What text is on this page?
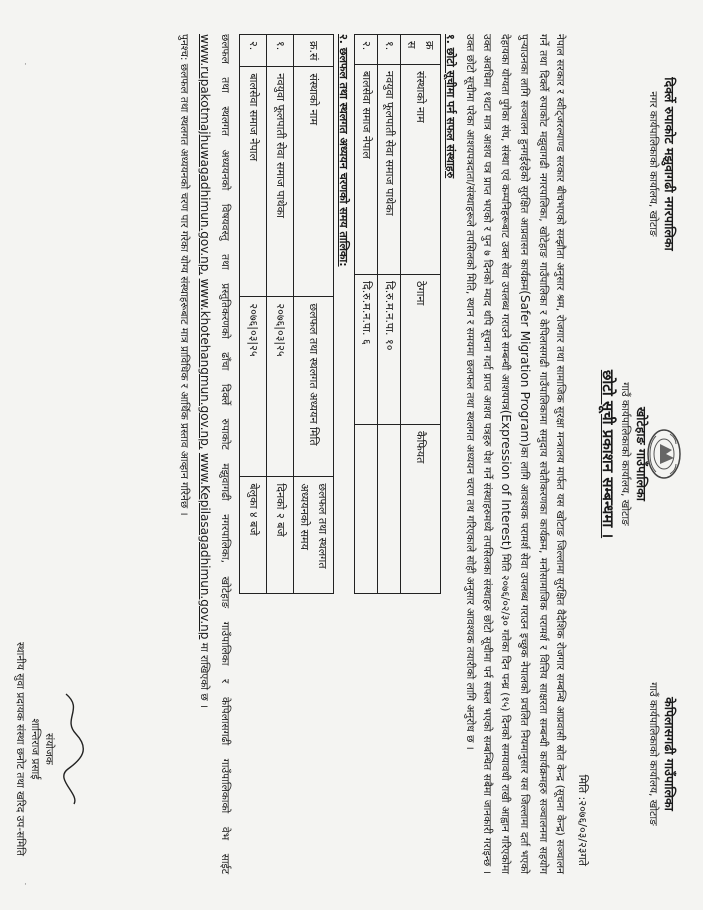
दिर्क्ले रुपाकोट मझुवागढी नगरपालिका
नगर कार्यपालिकाको कार्यालय, खोटाङ
खोटेहाङ गाउँपालिका
गाउँ कार्यपालिकाको कार्यालय, खोटाङ
केपिलासगढी गाउँपालिका
गाउँ कार्यपालिकाको कार्यालय, खोटाङ
छोटो सूची प्रकाशन सम्बन्धमा ।
मिति :२०७६/०३/२३गते
नेपाल सरकार र स्वीट्जरल्याण्ड सरकार बीचभएको सम्झौता अनुसार श्रम, रोजगार तथा सामाजिक सुरक्षा मन्त्रालय मार्फत यस खोटाङ जिल्लामा सुरक्षित वैदेशिक रोजगार सम्बन्धि आप्रवासी स्रोत केन्द्र (सूचना केन्द्र) सञ्चालन गर्ने तथा दिर्क्ले रुपाकोट मझुवागढी नगरपालिका, खोटेहाङ गाउँपालिका र केपिलासगढी गाउँपालिकामा समुदाय सचेतीकरणका कार्यक्रम, मनोसामाजिक परामर्श र वित्तिय साक्षरता सम्बन्धी कार्यक्रमहरु सञ्चालनमा सहयोग पुर्‍याउनका लागि सञ्चालन हुनगईरहेको सुरक्षित आप्रवासन कार्यक्रम(Safer Migration Program)का लागि आवश्यक परामर्श सेवा उपलब्ध गराउन इच्छुक नेपालको प्रचलित नियमानुसार यस जिल्लामा दर्ता भएको देहायका योग्यता पुगेका संघ, संस्था एवं कम्पनिहरूबाट उक्त सेवा उपलब्ध गराउने सम्बन्धी आशयपत्र(Expression of Interest) मिति २०७६/०२/३० गतेका दिन पन्ध्र (१५) दिनको समयावधी राखी आह्वान गरिएकोमा उक्त अवधिमा १थटा मात्र आशय पत्र प्राप्त भएको र पुन ७ दिनको म्याद थपि सूचना गर्दा प्राप्त आशय पत्रहरु पेश गर्ने संस्थाहरुमध्ये तपसिलका संस्थाहरु छोटो सूचीमा पर्न सफल भएको सम्बन्धित सबैमा जानकारी गराइन्छ । उक्त छोटो सूचीमा परेका आशयपत्रदाता/संस्थाहरूले तपसिलको मिति, स्थान र समयमा छलफल तथा स्थलगत अध्ययन चरण तथ गरिएकाले सोही अनुसार आवश्यक तयारीको लागि अनुरोध छ ।
१. छोटो सूचीमा पर्न सफल संस्थाहरु
क्र स	संस्थाको नाम	ठेगाना	कैफियत
१.	नवयुवा फूलपाती सेवा समाज पाथेका	दि.रु.म.न.पा. १०	
२.	बालसेवा समाज नेपाल	दि.रु.म.न.पा. ६	
२. छलफल तथा स्थलगत अध्ययन चरणको समय तालिका:
क्र.सं	संस्थाको नाम	छलफल तथा स्थलगत अध्ययन मिति	छलफल तथा स्थलगत अध्ययनको समय
१.	नवयुवा फूलपाती सेवा समाज पाथेका	२०७६|०३|२५	दिनको २ बजे
२.	बालसेवा समाज नेपाल	२०७६|०३|२५	बेलुका ४ बजे
छलफल तथा स्थलगत अध्ययनको विषयवस्तु तथा प्रस्तुतिकरणको ढाँचा दिर्क्ले रुपाकोट मझुवागढी नगरपालिका, खोटेहाङ गाउँपालिका र केपिलासगढी गाउँपालिकाको वेभ साईट www.rupakotmajhuwagadhimun.gov.np, www.khotehangmun.gov.np, www.Kepilasagadhimun.gov.np मा राखिएको छ ।
पुनश्च: छलफल तथा स्थलगत अध्ययनको चरण पार गरेका योग्य संस्थाहरूबाट मात्र प्राविधिक र आर्थिक प्रस्ताव आव्हान गरिनेछ ।
संयोजक
शान्तिराज प्रसाई
स्थानीय सुवा प्रदायक संस्था छनोट तथा खरिद उप-समिति
·
·
